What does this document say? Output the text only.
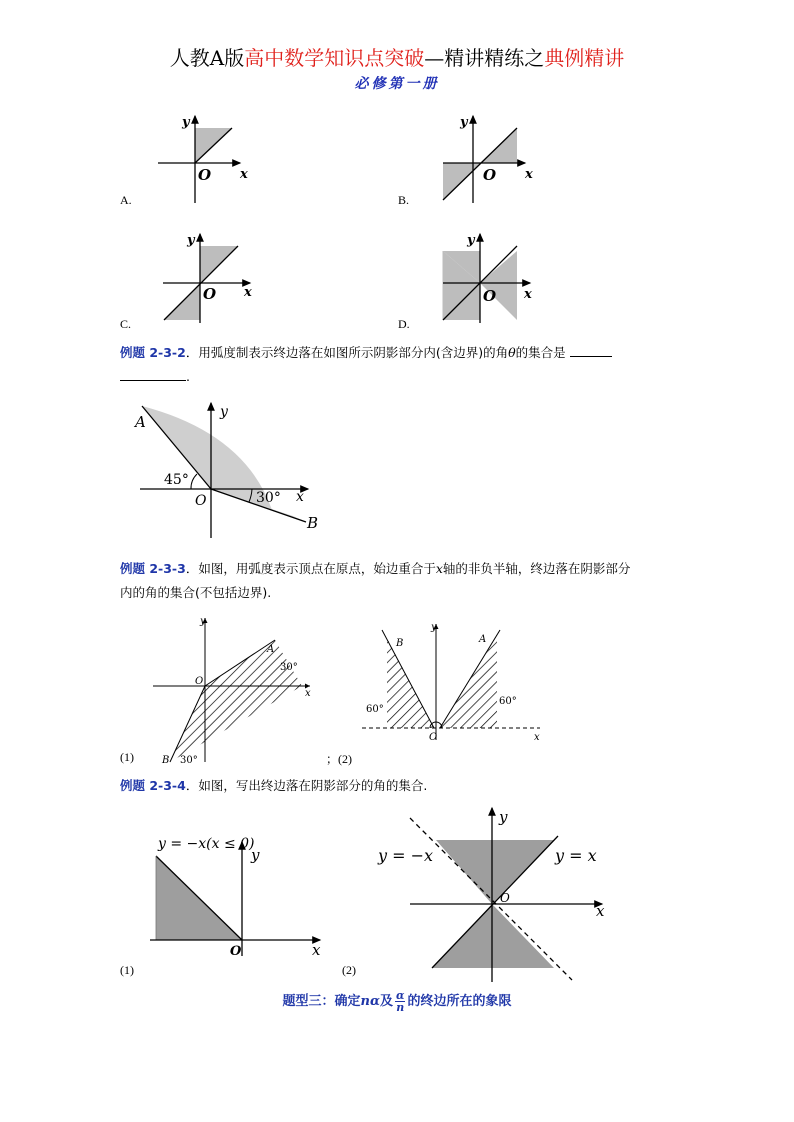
人教A版高中数学知识点突破—精讲精练之典例精讲
必修第一册
y
x
O
A.
y
x
O
B.
y
x
O
C.
y
x
O
D.
例题 2-3-2．用弧度制表示终边落在如图所示阴影部分内(含边界)的角θ的集合是
.
y
x
O
A
B
45°
30°
例题 2-3-3．如图，用弧度表示顶点在原点，始边重合于x轴的非负半轴，终边落在阴影部分
内的角的集合(不包括边界).
y
x
O
A
30°
B 30°
(1)	；(2)
y
x
O
B	A
60°
60°
例题 2-3-4．如图，写出终边落在阴影部分的角的集合.
y = −x(x ≤ 0)
y
x
O
(1)
y = −x	y = x
y
x
O
(2)
题型三：确定nα及 $\frac{\alpha}{n}$ 的终边所在的象限
